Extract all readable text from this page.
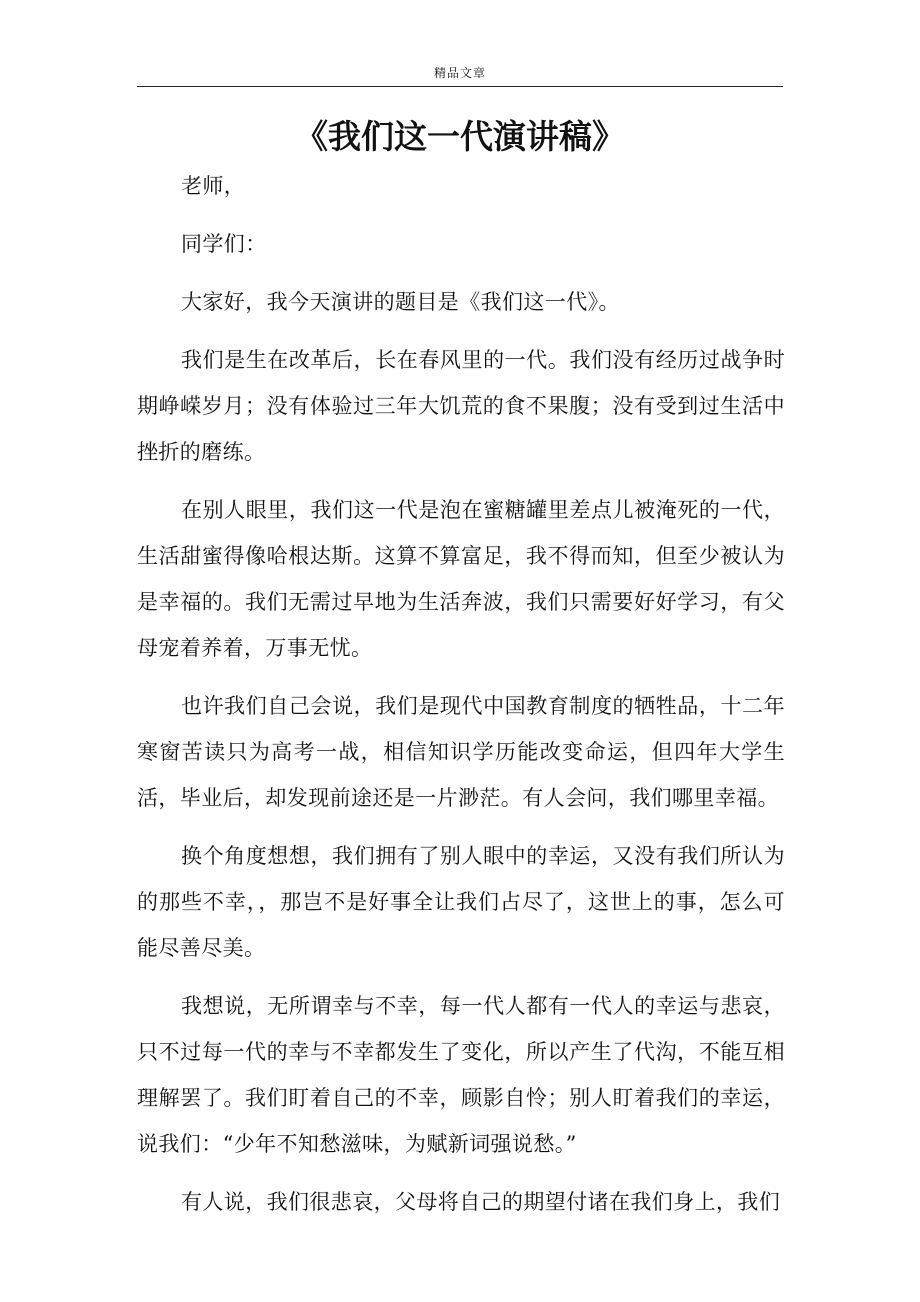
精品文章
《我们这一代演讲稿》

老师，

同学们：

大家好，我今天演讲的题目是《我们这一代》。

我们是生在改革后，长在春风里的一代。我们没有经历过战争时期峥嵘岁月；没有体验过三年大饥荒的食不果腹；没有受到过生活中挫折的磨练。

在别人眼里，我们这一代是泡在蜜糖罐里差点儿被淹死的一代，生活甜蜜得像哈根达斯。这算不算富足，我不得而知，但至少被认为是幸福的。我们无需过早地为生活奔波，我们只需要好好学习，有父母宠着养着，万事无忧。

也许我们自己会说，我们是现代中国教育制度的牺牲品，十二年寒窗苦读只为高考一战，相信知识学历能改变命运，但四年大学生活，毕业后，却发现前途还是一片渺茫。有人会问，我们哪里幸福。

换个角度想想，我们拥有了别人眼中的幸运，又没有我们所认为的那些不幸，，那岂不是好事全让我们占尽了，这世上的事，怎么可能尽善尽美。

我想说，无所谓幸与不幸，每一代人都有一代人的幸运与悲哀，只不过每一代的幸与不幸都发生了变化，所以产生了代沟，不能互相理解罢了。我们盯着自己的不幸，顾影自怜；别人盯着我们的幸运，说我们：“少年不知愁滋味，为赋新词强说愁。”

有人说，我们很悲哀，父母将自己的期望付诸在我们身上，我们
